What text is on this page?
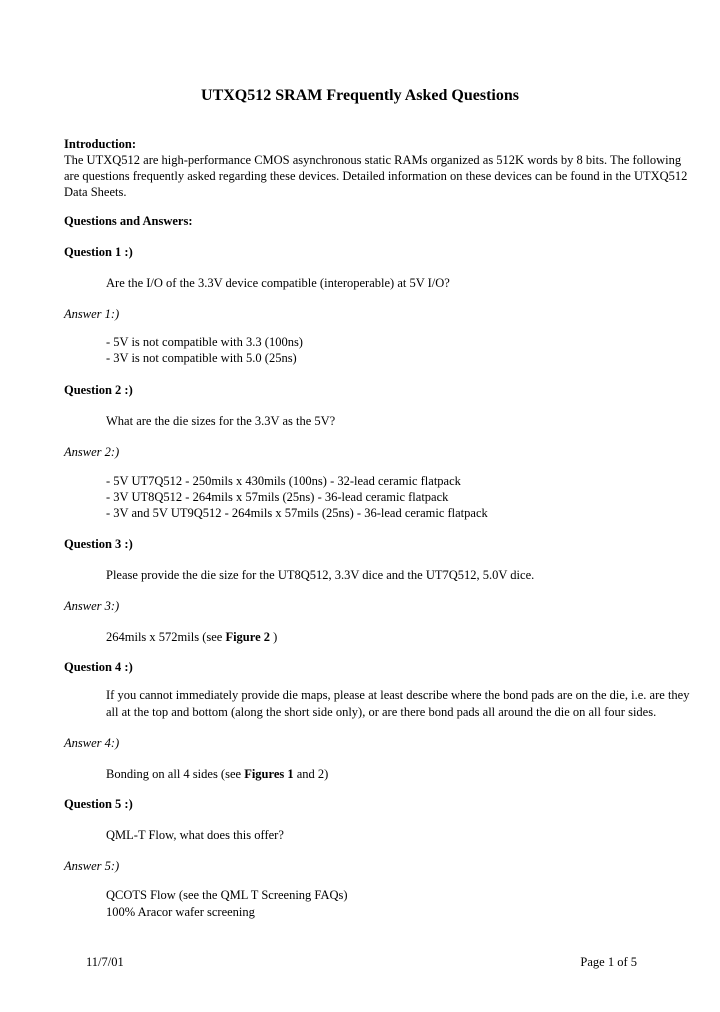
UTXQ512 SRAM Frequently Asked Questions
Introduction:
The UTXQ512 are high-performance CMOS asynchronous static RAMs organized as 512K words by 8 bits. The following
are questions frequently asked regarding these devices. Detailed information on these devices can be found in the UTXQ512
Data Sheets.
Questions and Answers:
Question 1 :)
Are the I/O of the 3.3V device compatible (interoperable) at 5V I/O?
Answer 1:)
- 5V is not compatible with 3.3 (100ns)
- 3V is not compatible with 5.0 (25ns)
Question 2 :)
What are the die sizes for the 3.3V as the 5V?
Answer 2:)
- 5V UT7Q512 - 250mils x 430mils (100ns) - 32-lead ceramic flatpack
- 3V UT8Q512 - 264mils x 57mils (25ns) - 36-lead ceramic flatpack
- 3V and 5V UT9Q512 - 264mils x 57mils (25ns) - 36-lead ceramic flatpack
Question 3 :)
Please provide the die size for the UT8Q512, 3.3V dice and the UT7Q512, 5.0V dice.
Answer 3:)
264mils x 572mils (see Figure 2 )
Question 4 :)
If you cannot immediately provide die maps, please at least describe where the bond pads are on the die, i.e. are they
all at the top and bottom (along the short side only), or are there bond pads all around the die on all four sides.
Answer 4:)
Bonding on all 4 sides (see Figures 1 and 2)
Question 5 :)
QML-T Flow, what does this offer?
Answer 5:)
QCOTS Flow (see the QML T Screening FAQs)
100% Aracor wafer screening
11/7/01	Page 1 of 5
